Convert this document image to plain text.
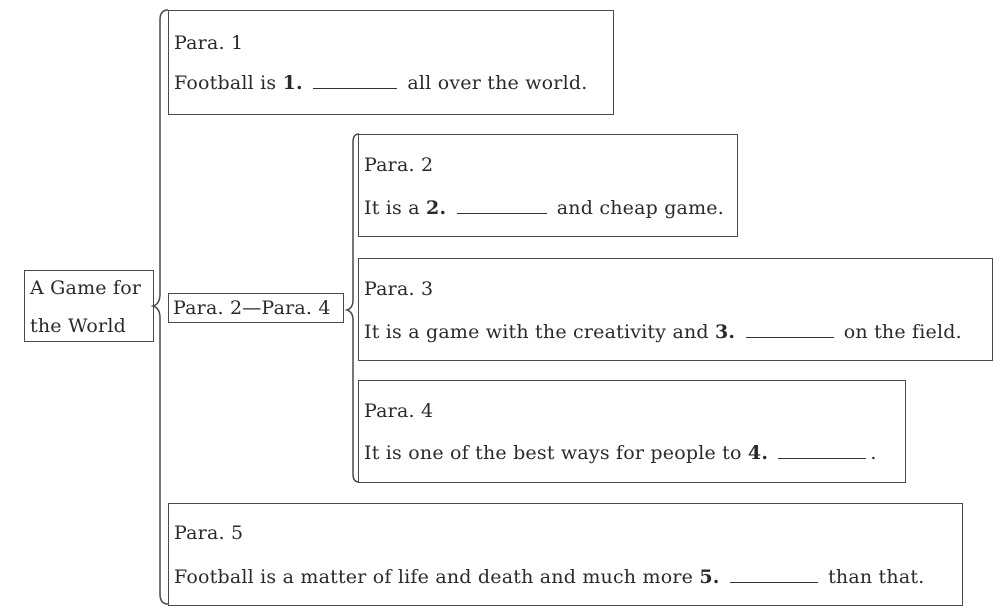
A Game for
the World
Para. 1
Football is 1.	all over the world.
Para. 2—Para. 4
Para. 2
It is a 2.	and cheap game.
Para. 3
It is a game with the creativity and 3.	on the field.
Para. 4
It is one of the best ways for people to 4.	.
Para. 5
Football is a matter of life and death and much more 5.	than that.
